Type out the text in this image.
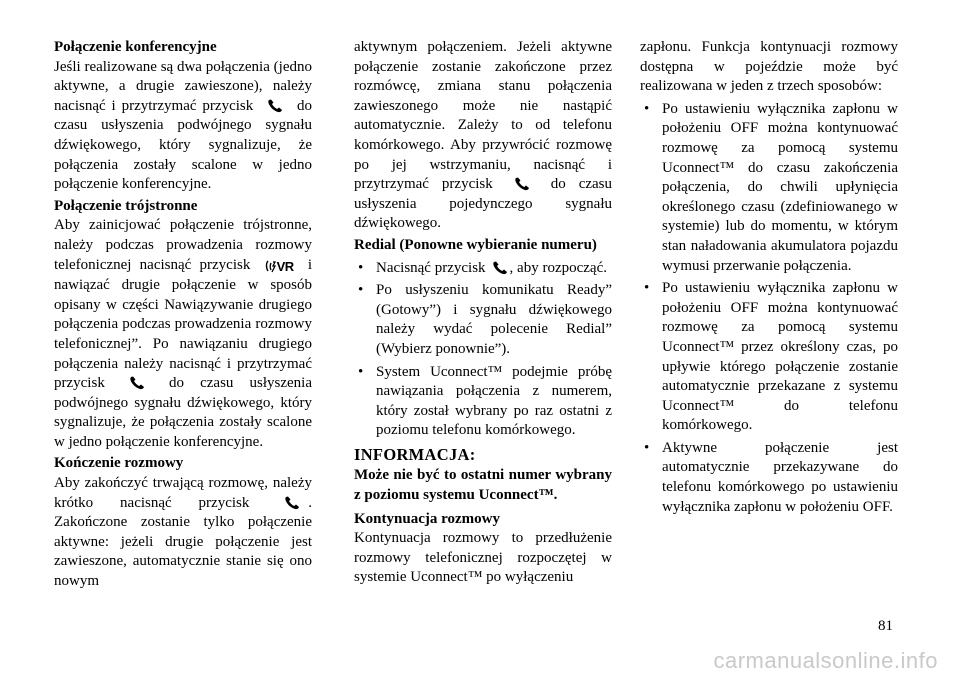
Połączenie konferencyjne
Jeśli realizowane są dwa połączenia (jedno aktywne, a drugie zawieszone), należy nacisnąć i przytrzymać przycisk	do czasu usłyszenia podwójnego sygnału dźwiękowego, który sygnalizuje, że połączenia zostały scalone w jedno połączenie konferencyjne.

Połączenie trójstronne
Aby zainicjować połączenie trójstronne, należy podczas prowadzenia rozmowy telefonicznej nacisnąć przycisk VR i nawiązać drugie połączenie w sposób opisany w części Nawiązywanie drugiego połączenia podczas prowadzenia rozmowy telefonicznej”. Po nawiązaniu drugiego połączenia należy nacisnąć i przytrzymać przycisk	do czasu usłyszenia podwójnego sygnału dźwiękowego, który sygnalizuje, że połączenia zostały scalone w jedno połączenie konferencyjne.

Kończenie rozmowy
Aby zakończyć trwającą rozmowę, należy krótko nacisnąć przycisk	. Zakończone zostanie tylko połączenie aktywne: jeżeli drugie połączenie jest zawieszone, automatycznie stanie się ono nowym

aktywnym połączeniem. Jeżeli aktywne połączenie zostanie zakończone przez rozmówcę, zmiana stanu połączenia zawieszonego może nie nastąpić automatycznie. Zależy to od telefonu komórkowego. Aby przywrócić rozmowę po jej wstrzymaniu, nacisnąć i przytrzymać przycisk	do czasu usłyszenia pojedynczego sygnału dźwiękowego.

Redial (Ponowne wybieranie numeru)

• Nacisnąć przycisk , aby rozpocząć.
• Po usłyszeniu komunikatu Ready” (Gotowy”) i sygnału dźwiękowego należy wydać polecenie Redial” (Wybierz ponownie”).
• System Uconnect™ podejmie próbę nawiązania połączenia z numerem, który został wybrany po raz ostatni z poziomu telefonu komórkowego.
INFORMACJA:

Może nie być to ostatni numer wybrany z poziomu systemu Uconnect™.

Kontynuacja rozmowy
Kontynuacja rozmowy to przedłużenie rozmowy telefonicznej rozpoczętej w systemie Uconnect™ po wyłączeniu

zapłonu. Funkcja kontynuacji rozmowy dostępna w pojeździe może być realizowana w jeden z trzech sposobów:

• Po ustawieniu wyłącznika zapłonu w położeniu OFF można kontynuować rozmowę za pomocą systemu Uconnect™ do czasu zakończenia połączenia, do chwili upłynięcia określonego czasu (zdefiniowanego w systemie) lub do momentu, w którym stan naładowania akumulatora pojazdu wymusi przerwanie połączenia.
• Po ustawieniu wyłącznika zapłonu w położeniu OFF można kontynuować rozmowę za pomocą systemu Uconnect™ przez określony czas, po upływie którego połączenie zostanie automatycznie przekazane z systemu Uconnect™ do telefonu komórkowego.
• Aktywne połączenie jest automatycznie przekazywane do telefonu komórkowego po ustawieniu wyłącznika zapłonu w położeniu OFF.
81
carmanualsonline.info
